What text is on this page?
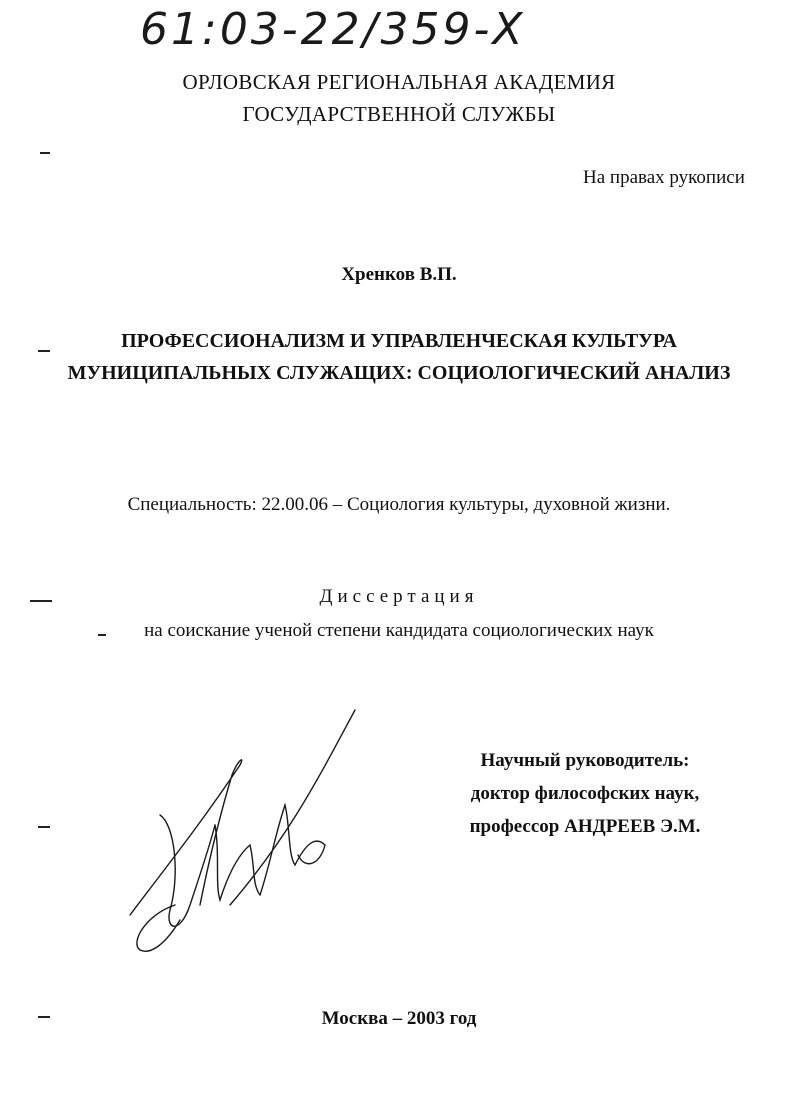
61:03-22/359-Х
ОРЛОВСКАЯ РЕГИОНАЛЬНАЯ АКАДЕМИЯ
ГОСУДАРСТВЕННОЙ СЛУЖБЫ
На правах рукописи
Хренков В.П.
ПРОФЕССИОНАЛИЗМ И УПРАВЛЕНЧЕСКАЯ КУЛЬТУРА
МУНИЦИПАЛЬНЫХ СЛУЖАЩИХ: СОЦИОЛОГИЧЕСКИЙ АНАЛИЗ
Специальность: 22.00.06 – Социология культуры, духовной жизни.
Диссертация
на соискание ученой степени кандидата социологических наук
Научный руководитель:
доктор философских наук,
профессор АНДРЕЕВ Э.М.
Москва – 2003 год
